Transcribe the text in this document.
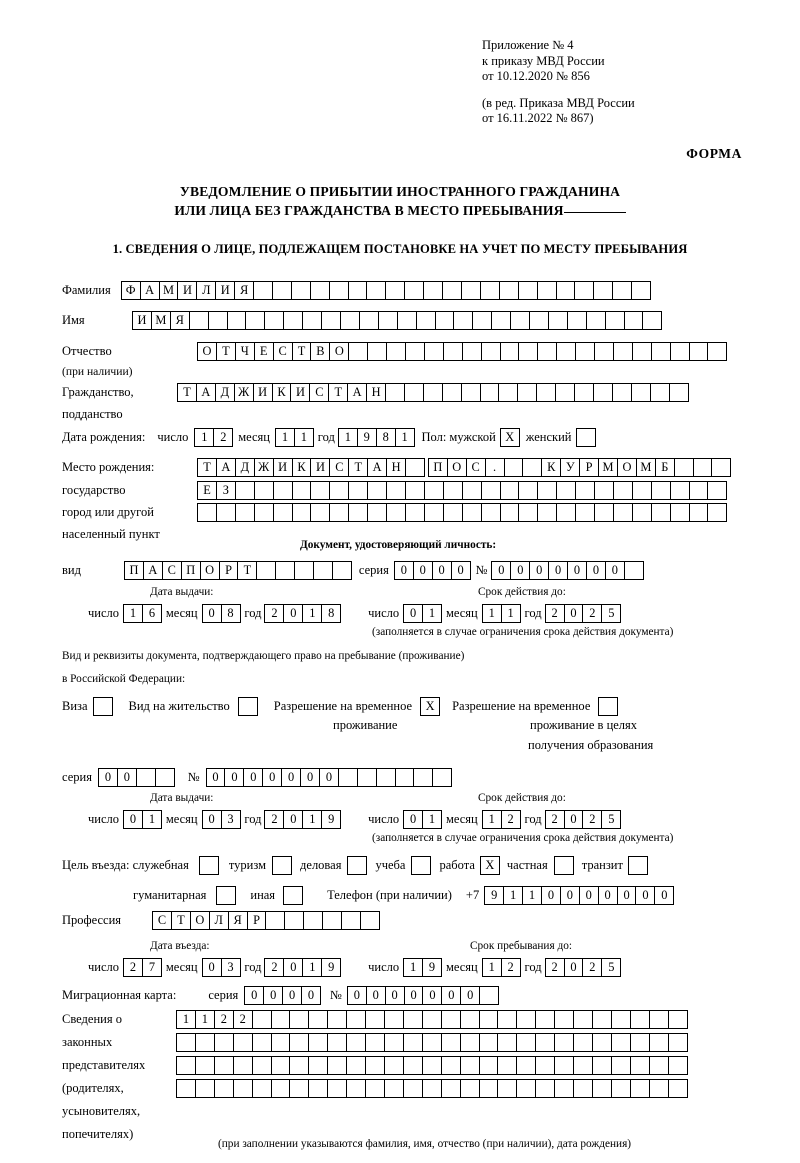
Приложение № 4
к приказу МВД России
от 10.12.2020 № 856
(в ред. Приказа МВД России
от 16.11.2022 № 867)
ФОРМА
УВЕДОМЛЕНИЕ О ПРИБЫТИИ ИНОСТРАННОГО ГРАЖДАНИНА
ИЛИ ЛИЦА БЕЗ ГРАЖДАНСТВА В МЕСТО ПРЕБЫВАНИЯ
1. СВЕДЕНИЯ О ЛИЦЕ, ПОДЛЕЖАЩЕМ ПОСТАНОВКЕ НА УЧЕТ ПО МЕСТУ ПРЕБЫВАНИЯ
Фамилия	Ф А М И Л И Я
Имя	И М Я
Отчество	О Т Ч Е С Т В О
(при наличии)
Гражданство,	Т А Д Ж И К И С Т А Н
подданство
Дата рождения: число	1	2 месяц 1	1 год 1	9	8	1	Пол: мужской X женский
Место рождения:	Т А Д Ж И К И С Т А Н	П О С	.	К У Р М О М Б
государство	Е З
город или другой
населенный пункт
Документ, удостоверяющий личность:
вид	П А С П О Р Т	серия 0	0	0	0 № 0	0	0	0	0	0	0
Дата выдачи:	Срок действия до:
число 1	6 месяц 0	8 год 2	0	1	8	число 0	1 месяц 1	1 год 2	0	2	5
(заполняется в случае ограничения срока действия документа)
Вид и реквизиты документа, подтверждающего право на пребывание (проживание)
в Российской Федерации:
Виза	Вид на жительство	Разрешение на временное	X	Разрешение на временное
проживание	проживание в целях
получения образования
серия	0	0	№	0	0	0	0	0	0	0
Дата выдачи:	Срок действия до:
число 0	1 месяц 0	3 год 2	0	1	9	число 0	1 месяц 1	2 год 2	0	2	5
(заполняется в случае ограничения срока действия документа)
Цель въезда: служебная	туризм	деловая	учеба	работа X	частная	транзит
гуманитарная	иная	Телефон (при наличии) +7 9	1	1	0	0	0	0	0	0	0
Профессия	С Т О Л Я Р
Дата въезда:	Срок пребывания до:
число 2	7 месяц 0	3 год 2	0	1	9	число 1	9 месяц 1	2 год 2	0	2	5
Миграционная карта:	серия	0	0	0	0	№ 0	0	0	0	0	0	0
Сведения о
законных
представителях
(родителях,
усыновителях,
попечителях)
1	1	2	2
(при заполнении указываются фамилия, имя, отчество (при наличии), дата рождения)
